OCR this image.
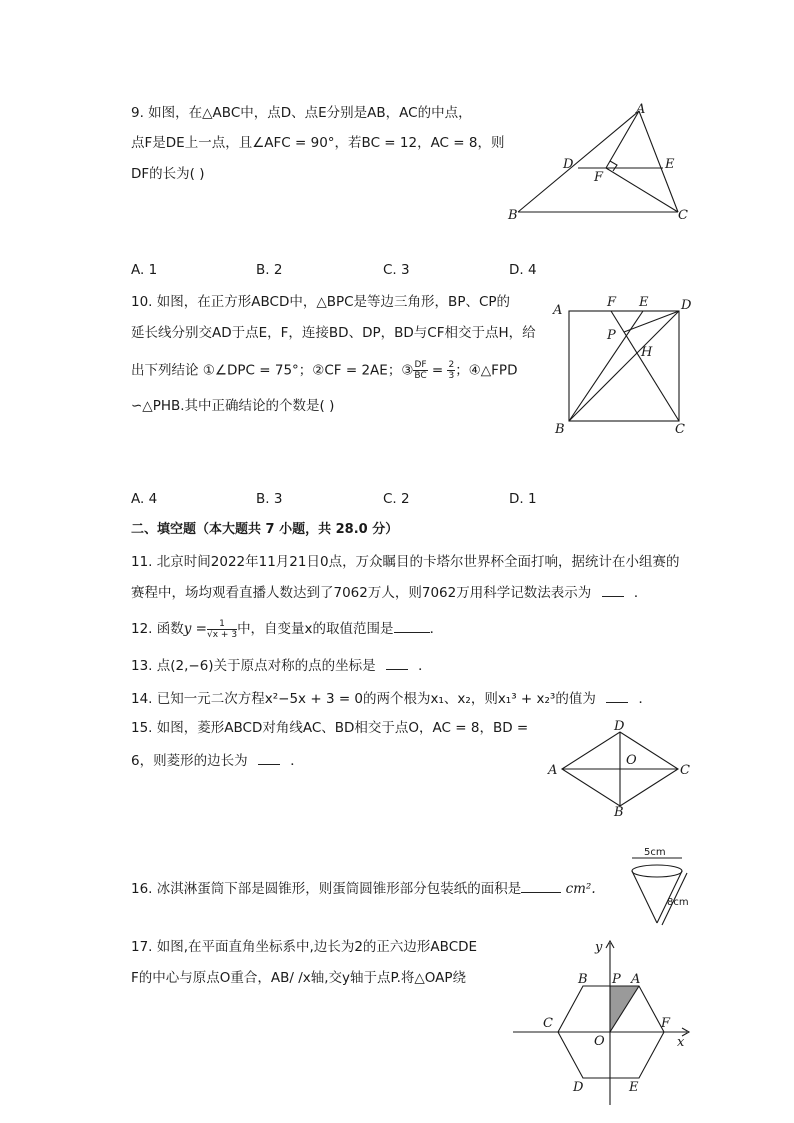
9. 如图，在△ABC中，点D、点E分别是AB，AC的中点，
点F是DE上一点，且∠AFC = 90°，若BC = 12，AC = 8，则
DF的长为( )
A
B	C
D	E
F
A. 1	B. 2	C. 3	D. 4
10. 如图，在正方形ABCD中，△BPC是等边三角形，BP、CP的
延长线分别交AD于点E，F，连接BD、DP，BD与CF相交于点H，给
出下列结论 ①∠DPC = 75°；②CF = 2AE；③ $\frac{DF}{BC} = \frac{2}{3}$ ；④△FPD
∽△PHB.其中正确结论的个数是( )
A
F E	D
P
H
B	C
A. 4	B. 3	C. 2	D. 1
二、填空题（本大题共 7 小题，共 28.0 分）
11. 北京时间2022年11月21日0点，万众瞩目的卡塔尔世界杯全面打响，据统计在小组赛的
赛程中，场均观看直播人数达到了7062万人，则7062万用科学记数法表示为	．
12. 函数$y = \frac{1}{√x + 3}$ 中，自变量x的取值范围是	．
13. 点(2,−6)关于原点对称的点的坐标是	．
14. 已知一元二次方程x²−5x + 3 = 0的两个根为x₁、x₂，则x₁³ + x₂³的值为	．
15. 如图，菱形ABCD对角线AC、BD相交于点O，AC = 8，BD =
6，则菱形的边长为	．
A
D
C
B
O
16. 冰淇淋蛋筒下部是圆锥形，则蛋筒圆锥形部分包装纸的面积是	cm².
5cm
8cm
17. 如图,在平面直角坐标系中,边长为2的正六边形ABCDE
F的中心与原点O重合，AB/ /x轴,交y轴于点P.将△OAP绕
y
x
B P A
C	F
O
D	E
